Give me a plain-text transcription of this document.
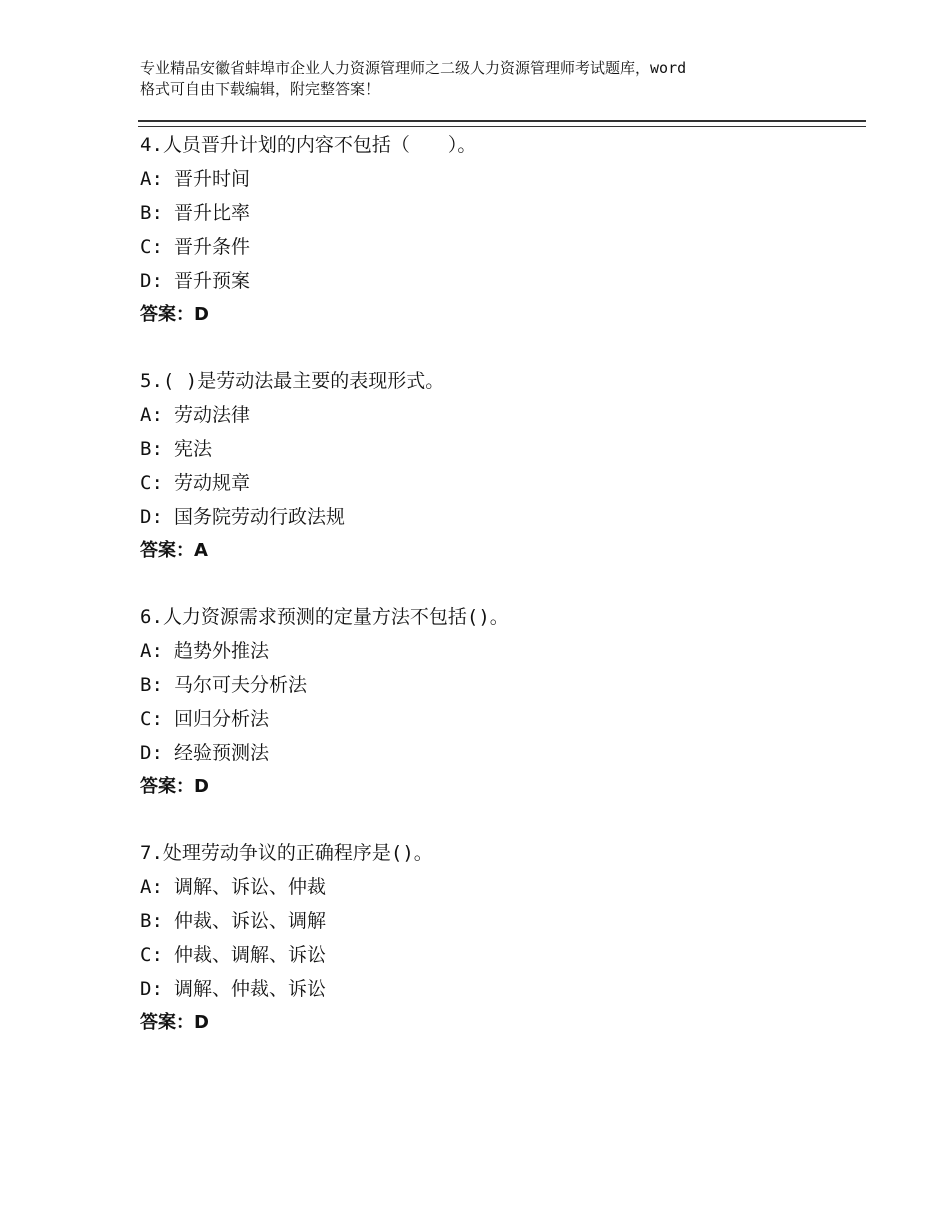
专业精品安徽省蚌埠市企业人力资源管理师之二级人力资源管理师考试题库，word
格式可自由下载编辑，附完整答案！
4.人员晋升计划的内容不包括（　　）。
A: 晋升时间
B: 晋升比率
C: 晋升条件
D: 晋升预案
答案：D
5.( )是劳动法最主要的表现形式。
A: 劳动法律
B: 宪法
C: 劳动规章
D: 国务院劳动行政法规
答案：A
6.人力资源需求预测的定量方法不包括()。
A: 趋势外推法
B: 马尔可夫分析法
C: 回归分析法
D: 经验预测法
答案：D
7.处理劳动争议的正确程序是()。
A: 调解、诉讼、仲裁
B: 仲裁、诉讼、调解
C: 仲裁、调解、诉讼
D: 调解、仲裁、诉讼
答案：D
